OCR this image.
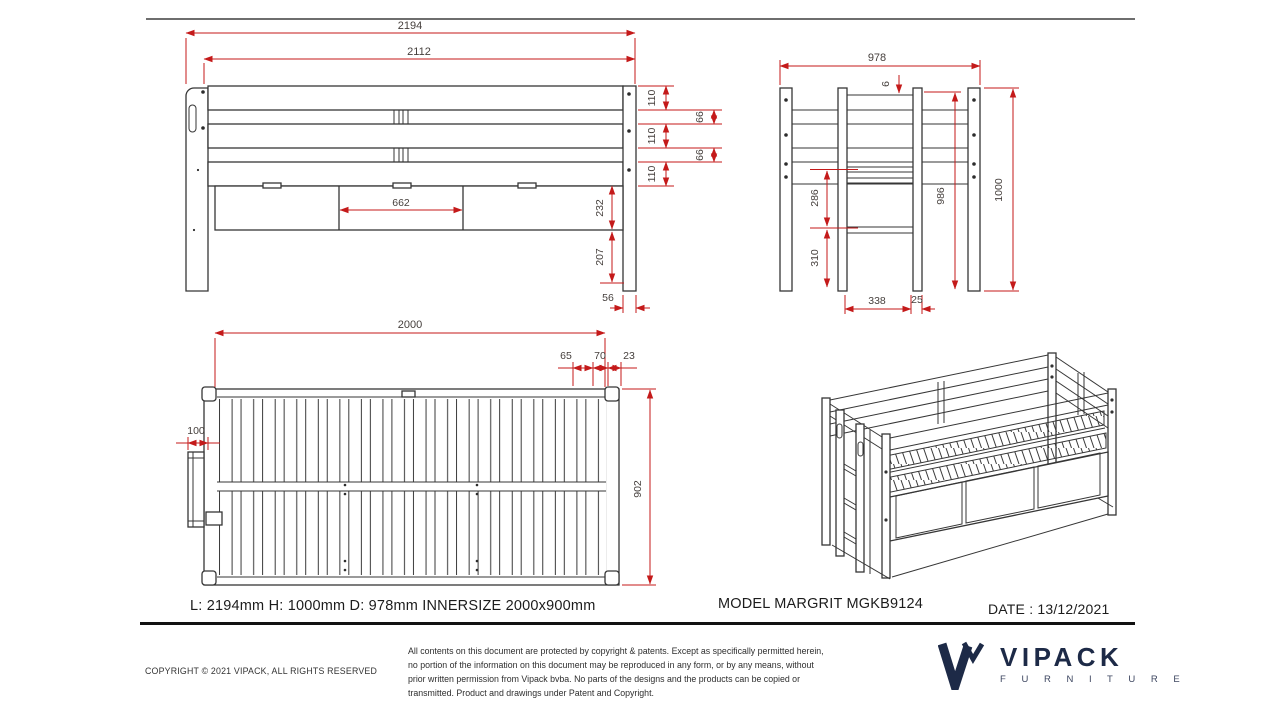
2194
2112
110
110
110
66
66
662	232
207
56
978
6
286
310
986	1000
338 25
2000
65 70 23
100
902
L: 2194mm H: 1000mm D: 978mm INNERSIZE 2000x900mm	MODEL MARGRIT MGKB9124	DATE : 13/12/2021
COPYRIGHT © 2021 VIPACK, ALL RIGHTS RESERVED
All contents on this document are protected by copyright & patents. Except as specifically permitted herein,
no portion of the information on this document may be reproduced in any form, or by any means, without
prior written permission from Vipack bvba. No parts of the designs and the products can be copied or
transmitted. Product and drawings under Patent and Copyright.
VIPACK
F U R N I T U R E
